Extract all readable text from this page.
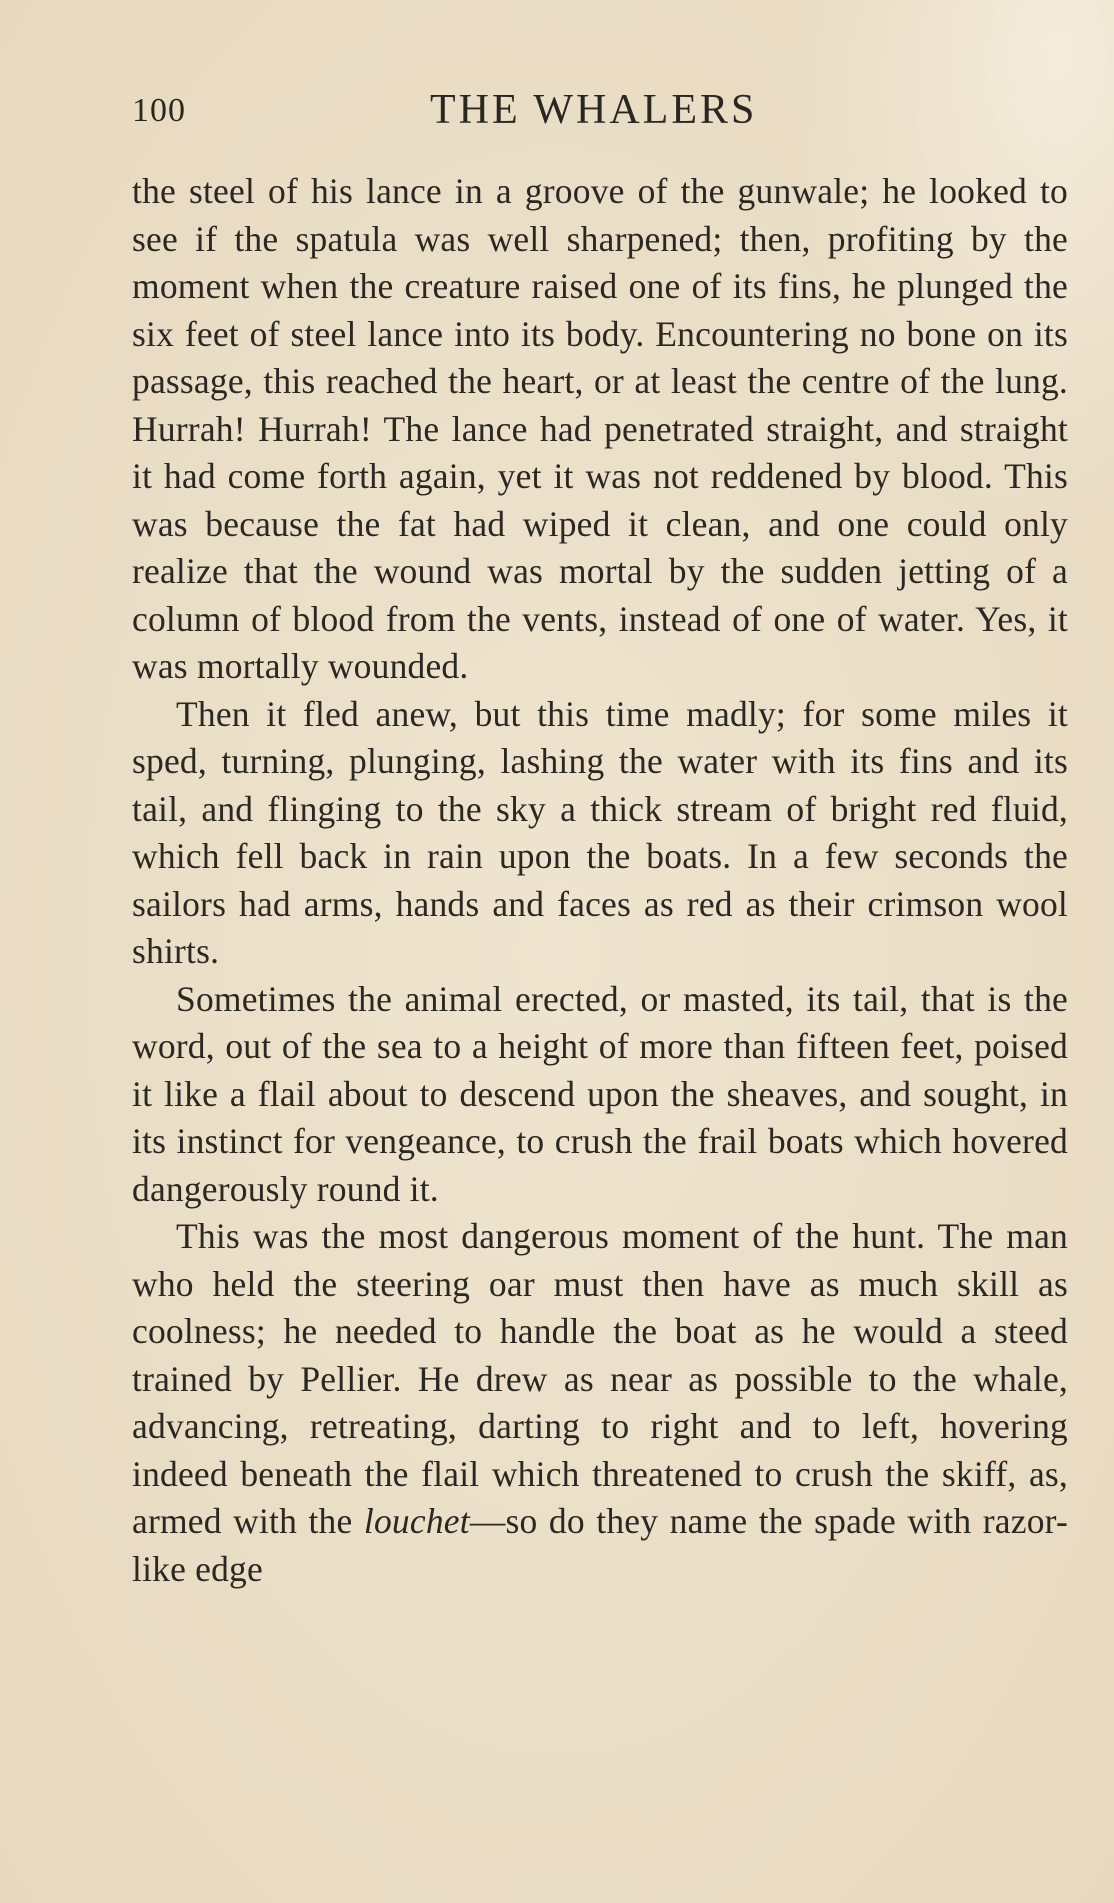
100	THE WHALERS

the steel of his lance in a groove of the gunwale; he looked to see if the spatula was well sharpened; then, profiting by the moment when the creature raised one of its fins, he plunged the six feet of steel lance into its body. Encountering no bone on its passage, this reached the heart, or at least the centre of the lung. Hurrah! Hurrah! The lance had penetrated straight, and straight it had come forth again, yet it was not reddened by blood. This was because the fat had wiped it clean, and one could only realize that the wound was mortal by the sudden jetting of a column of blood from the vents, instead of one of water. Yes, it was mortally wounded.

Then it fled anew, but this time madly; for some miles it sped, turning, plunging, lashing the water with its fins and its tail, and flinging to the sky a thick stream of bright red fluid, which fell back in rain upon the boats. In a few seconds the sailors had arms, hands and faces as red as their crimson wool shirts.

Sometimes the animal erected, or masted, its tail, that is the word, out of the sea to a height of more than fifteen feet, poised it like a flail about to descend upon the sheaves, and sought, in its instinct for vengeance, to crush the frail boats which hovered dangerously round it.

This was the most dangerous moment of the hunt. The man who held the steering oar must then have as much skill as coolness; he needed to handle the boat as he would a steed trained by Pellier. He drew as near as possible to the whale, advancing, retreating, darting to right and to left, hovering indeed beneath the flail which threatened to crush the skiff, as, armed with the louchet—so do they name the spade with razor-like edge
